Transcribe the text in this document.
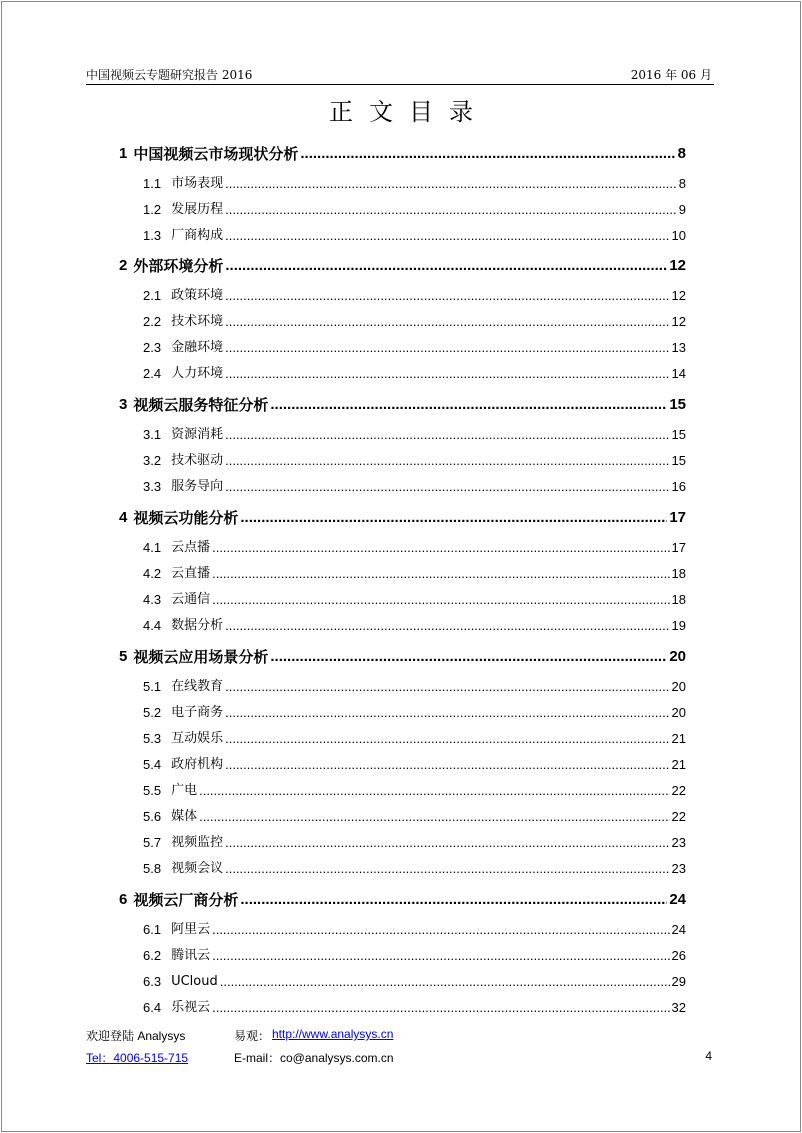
中国视频云专题研究报告 2016	2016 年 06 月
正文目录
1 中国视频云市场现状分析 .....	8
1.1 市场表现 .....	8
1.2 发展历程 .....	9
1.3 厂商构成 .....	10
2 外部环境分析 .....	12
2.1 政策环境 .....	12
2.2 技术环境 .....	12
2.3 金融环境 .....	13
2.4 人力环境 .....	14
3 视频云服务特征分析 .....	15
3.1 资源消耗 .....	15
3.2 技术驱动 .....	15
3.3 服务导向 .....	16
4 视频云功能分析 .....	17
4.1 云点播 .....	17
4.2 云直播 .....	18
4.3 云通信 .....	18
4.4 数据分析 .....	19
5 视频云应用场景分析 .....	20
5.1 在线教育 .....	20
5.2 电子商务 .....	20
5.3 互动娱乐 .....	21
5.4 政府机构 .....	21
5.5 广电 .....	22
5.6 媒体 .....	22
5.7 视频监控 .....	23
5.8 视频会议 .....	23
6 视频云厂商分析 .....	24
6.1 阿里云 .....	24
6.2 腾讯云 .....	26
6.3 UCloud .....	29
6.4 乐视云 .....	32
欢迎登陆 Analysys	易观： http://www.analysys.cn
Tel：4006-515-715	E-mail：co@analysys.com.cn	4
